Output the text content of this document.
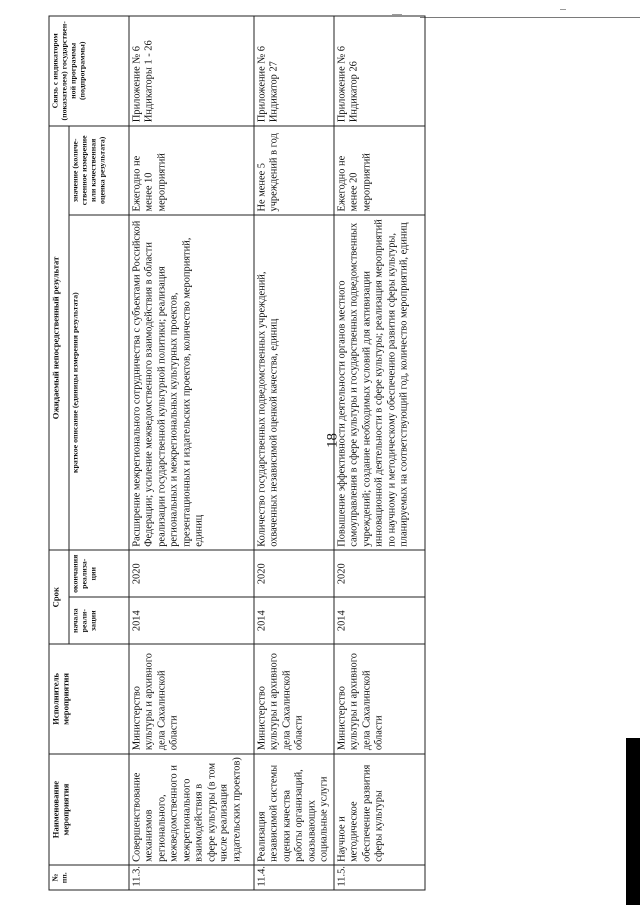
18
№ пп.	Наименование мероприятия	Исполнитель мероприятия	Срок		Ожидаемый непосредственный результат		Связь с индикатором (показателем) государствен-ной программы (подпрограммы)
			начала реали-зации	окончания реализа-ции	краткое описание (единицы измерения результата)	значение (количе-ственное измерение или качественная оценка результата)	
11.3.	Совершенствование механизмов регионального, межведомственного и межрегионального взаимодействия в сфере культуры (в том числе реализация издательских проектов)	Министерство культуры и архивного дела Сахалинской области	2014	2020	Расширение межрегионального сотрудничества с субъектами Российской Федерации; усиление межведомственного взаимодействия в области реализации государственной культурной политики; реализация региональных и межрегиональных культурных проектов, презентационных и издательских проектов, количество мероприятий, единиц	Ежегодно не менее 10 мероприятий	Приложение № 6 Индикаторы 1 - 26
11.4.	Реализация независимой системы оценки качества работы организаций, оказывающих социальные услуги	Министерство культуры и архивного дела Сахалинской области	2014	2020	Количество государственных подведомственных учреждений, охваченных независимой оценкой качества, единиц	Не менее 5 учреждений в год	Приложение № 6 Индикатор 27
11.5.	Научное и методическое обеспечение развития сферы культуры	Министерство культуры и архивного дела Сахалинской области	2014	2020	Повышение эффективности деятельности органов местного самоуправления в сфере культуры и государственных подведомственных учреждений; создание необходимых условий для активизации инновационной деятельности в сфере культуры; реализация мероприятий по научному и методическому обеспечению развития сферы культуры, планируемых на соответствующий год, количество мероприятий, единиц	Ежегодно не менее 20 мероприятий	Приложение № 6 Индикатор 26
